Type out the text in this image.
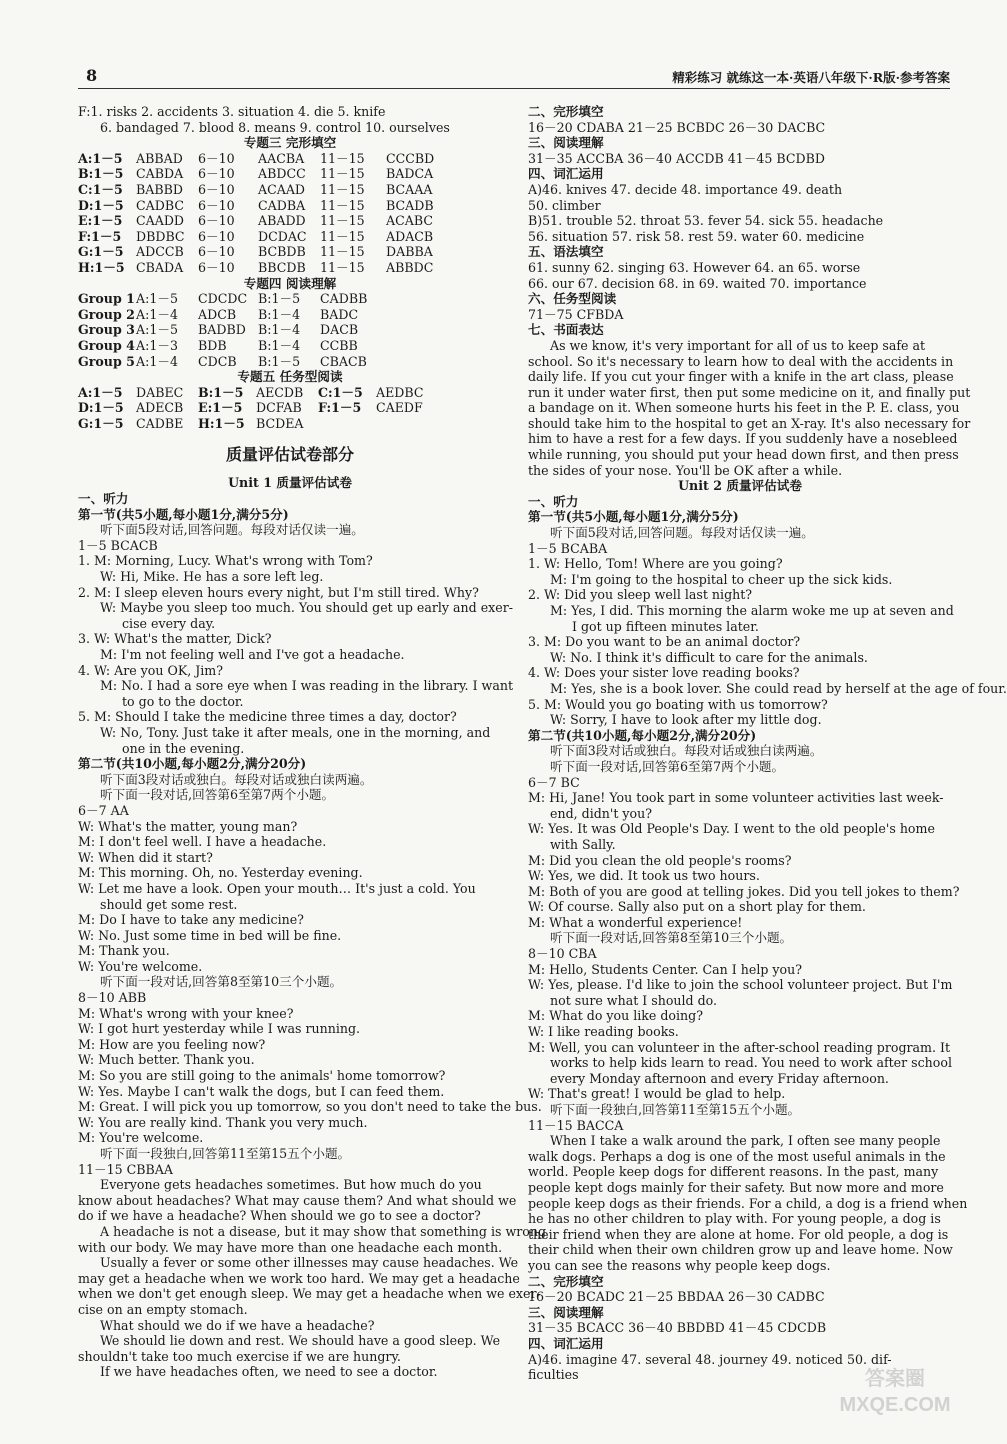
8	精彩练习 就练这一本·英语八年级下·R版·参考答案
F:1. risks 2. accidents 3. situation 4. die 5. knife
6. bandaged 7. blood 8. means 9. control 10. ourselves
专题三 完形填空
A:1－5	ABBAD	6－10	AACBA	11－15	CCCBD
B:1－5 CABDA	6－10	ABDCC	11－15	BADCA
C:1－5	BABBD	6－10	ACAAD	11－15	BCAAA
D:1－5 CADBC	6－10	CADBA	11－15	BCADB
E:1－5	CAADD	6－10	ABADD	11－15	ACABC
F:1－5	DBDBC	6－10	DCDAC	11－15	ADACB
G:1－5 ADCCB	6－10	BCBDB	11－15	DABBA
H:1－5 CBADA	6－10	BBCDB	11－15	ABBDC
专题四 阅读理解
Group 1 A:1－5	CDCDC B:1－5	CADBB
Group 2 A:1－4	ADCB	B:1－4	BADC
Group 3 A:1－5	BADBD B:1－4	DACB
Group 4 A:1－3	BDB	B:1－4	CCBB
Group 5 A:1－4	CDCB	B:1－5	CBACB
专题五 任务型阅读
A:1－5	DABEC	B:1－5 AECDB	C:1－5	AEDBC
D:1－5 ADECB	E:1－5	DCFAB	F:1－5	CAEDF
G:1－5 CADBE	H:1－5 BCDEA
质量评估试卷部分
Unit 1 质量评估试卷
一、听力
第一节(共5小题,每小题1分,满分5分)
听下面5段对话,回答问题。每段对话仅读一遍。
1－5 BCACB
1. M: Morning, Lucy. What's wrong with Tom?
W: Hi, Mike. He has a sore left leg.
2. M: I sleep eleven hours every night, but I'm still tired. Why?
W: Maybe you sleep too much. You should get up early and exer-
cise every day.
3. W: What's the matter, Dick?
M: I'm not feeling well and I've got a headache.
4. W: Are you OK, Jim?
M: No. I had a sore eye when I was reading in the library. I want
to go to the doctor.
5. M: Should I take the medicine three times a day, doctor?
W: No, Tony. Just take it after meals, one in the morning, and
one in the evening.
第二节(共10小题,每小题2分,满分20分)
听下面3段对话或独白。每段对话或独白读两遍。
听下面一段对话,回答第6至第7两个小题。
6－7 AA
W: What's the matter, young man?
M: I don't feel well. I have a headache.
W: When did it start?
M: This morning. Oh, no. Yesterday evening.
W: Let me have a look. Open your mouth… It's just a cold. You
should get some rest.
M: Do I have to take any medicine?
W: No. Just some time in bed will be fine.
M: Thank you.
W: You're welcome.
听下面一段对话,回答第8至第10三个小题。
8－10 ABB
M: What's wrong with your knee?
W: I got hurt yesterday while I was running.
M: How are you feeling now?
W: Much better. Thank you.
M: So you are still going to the animals' home tomorrow?
W: Yes. Maybe I can't walk the dogs, but I can feed them.
M: Great. I will pick you up tomorrow, so you don't need to take the bus.
W: You are really kind. Thank you very much.
M: You're welcome.
听下面一段独白,回答第11至第15五个小题。
11－15 CBBAA
Everyone gets headaches sometimes. But how much do you
know about headaches? What may cause them? And what should we
do if we have a headache? When should we go to see a doctor?
A headache is not a disease, but it may show that something is wrong
with our body. We may have more than one headache each month.
Usually a fever or some other illnesses may cause headaches. We
may get a headache when we work too hard. We may get a headache
when we don't get enough sleep. We may get a headache when we exer-
cise on an empty stomach.
What should we do if we have a headache?
We should lie down and rest. We should have a good sleep. We
shouldn't take too much exercise if we are hungry.
If we have headaches often, we need to see a doctor.
二、完形填空
16－20 CDABA 21－25 BCBDC 26－30 DACBC
三、阅读理解
31－35 ACCBA 36－40 ACCDB 41－45 BCDBD
四、词汇运用
A)46. knives 47. decide 48. importance 49. death
50. climber
B)51. trouble 52. throat 53. fever 54. sick 55. headache
56. situation 57. risk 58. rest 59. water 60. medicine
五、语法填空
61. sunny 62. singing 63. However 64. an 65. worse
66. our 67. decision 68. in 69. waited 70. importance
六、任务型阅读
71－75 CFBDA
七、书面表达
As we know, it's very important for all of us to keep safe at
school. So it's necessary to learn how to deal with the accidents in
daily life. If you cut your finger with a knife in the art class, please
run it under water first, then put some medicine on it, and finally put
a bandage on it. When someone hurts his feet in the P. E. class, you
should take him to the hospital to get an X-ray. It's also necessary for
him to have a rest for a few days. If you suddenly have a nosebleed
while running, you should put your head down first, and then press
the sides of your nose. You'll be OK after a while.
Unit 2 质量评估试卷
一、听力
第一节(共5小题,每小题1分,满分5分)
听下面5段对话,回答问题。每段对话仅读一遍。
1－5 BCABA
1. W: Hello, Tom! Where are you going?
M: I'm going to the hospital to cheer up the sick kids.
2. W: Did you sleep well last night?
M: Yes, I did. This morning the alarm woke me up at seven and
I got up fifteen minutes later.
3. M: Do you want to be an animal doctor?
W: No. I think it's difficult to care for the animals.
4. W: Does your sister love reading books?
M: Yes, she is a book lover. She could read by herself at the age of four.
5. M: Would you go boating with us tomorrow?
W: Sorry, I have to look after my little dog.
第二节(共10小题,每小题2分,满分20分)
听下面3段对话或独白。每段对话或独白读两遍。
听下面一段对话,回答第6至第7两个小题。
6－7 BC
M: Hi, Jane! You took part in some volunteer activities last week-
end, didn't you?
W: Yes. It was Old People's Day. I went to the old people's home
with Sally.
M: Did you clean the old people's rooms?
W: Yes, we did. It took us two hours.
M: Both of you are good at telling jokes. Did you tell jokes to them?
W: Of course. Sally also put on a short play for them.
M: What a wonderful experience!
听下面一段对话,回答第8至第10三个小题。
8－10 CBA
M: Hello, Students Center. Can I help you?
W: Yes, please. I'd like to join the school volunteer project. But I'm
not sure what I should do.
M: What do you like doing?
W: I like reading books.
M: Well, you can volunteer in the after-school reading program. It
works to help kids learn to read. You need to work after school
every Monday afternoon and every Friday afternoon.
W: That's great! I would be glad to help.
听下面一段独白,回答第11至第15五个小题。
11－15 BACCA
When I take a walk around the park, I often see many people
walk dogs. Perhaps a dog is one of the most useful animals in the
world. People keep dogs for different reasons. In the past, many
people kept dogs mainly for their safety. But now more and more
people keep dogs as their friends. For a child, a dog is a friend when
he has no other children to play with. For young people, a dog is
their friend when they are alone at home. For old people, a dog is
their child when their own children grow up and leave home. Now
you can see the reasons why people keep dogs.
二、完形填空
16－20 BCADC 21－25 BBDAA 26－30 CADBC
三、阅读理解
31－35 BCACC 36－40 BBDBD 41－45 CDCDB
四、词汇运用
A)46. imagine 47. several 48. journey 49. noticed 50. dif-
ficulties	答案圈
MXQE.COM
